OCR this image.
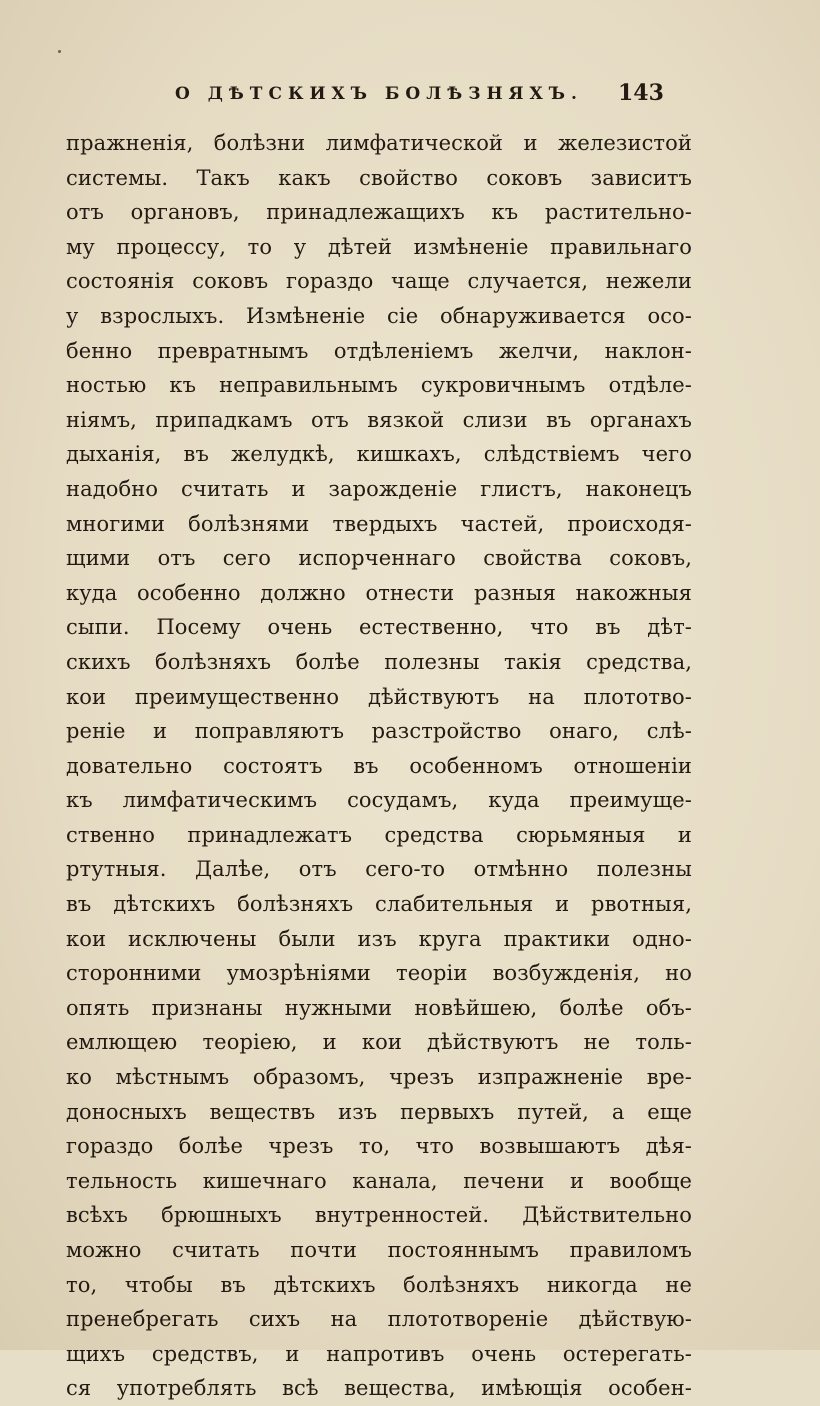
О ДѢТСКИХЪ БОЛѢЗНЯХЪ. 143
пражненія, болѣзни лимфатической и железистой
системы. Такъ какъ свойство соковъ зависитъ
отъ органовъ, принадлежащихъ къ растительно-
му процессу, то у дѣтей измѣненіе правильнаго
состоянія соковъ гораздо чаще случается, нежели
у взрослыхъ. Измѣненіе сіе обнаруживается осо-
бенно превратнымъ отдѣленіемъ желчи, наклон-
ностью къ неправильнымъ сукровичнымъ отдѣле-
ніямъ, припадкамъ отъ вязкой слизи въ органахъ
дыханія, въ желудкѣ, кишкахъ, слѣдствіемъ чего
надобно считать и зарожденіе глистъ, наконецъ
многими болѣзнями твердыхъ частей, происходя-
щими отъ сего испорченнаго свойства соковъ,
куда особенно должно отнести разныя накожныя
сыпи. Посему очень естественно, что въ дѣт-
скихъ болѣзняхъ болѣе полезны такія средства,
кои преимущественно дѣйствуютъ на плототво-
реніе и поправляютъ разстройство онаго, слѣ-
довательно состоятъ въ особенномъ отношеніи
къ лимфатическимъ сосудамъ, куда преимуще-
ственно принадлежатъ средства сюрьмяныя и
ртутныя. Далѣе, отъ сего-то отмѣнно полезны
въ дѣтскихъ болѣзняхъ слабительныя и рвотныя,
кои исключены были изъ круга практики одно-
сторонними умозрѣніями теоріи возбужденія, но
опять признаны нужными новѣйшею, болѣе объ-
емлющею теоріею, и кои дѣйствуютъ не толь-
ко мѣстнымъ образомъ, чрезъ изпражненіе вре-
доносныхъ веществъ изъ первыхъ путей, а еще
гораздо болѣе чрезъ то, что возвышаютъ дѣя-
тельность кишечнаго канала, печени и вообще
всѣхъ брюшныхъ внутренностей. Дѣйствительно
можно считать почти постояннымъ правиломъ
то, чтобы въ дѣтскихъ болѣзняхъ никогда не
пренебрегать сихъ на плототвореніе дѣйствую-
щихъ средствъ, и напротивъ очень остерегать-
ся употреблять всѣ вещества, имѣющія особен-
